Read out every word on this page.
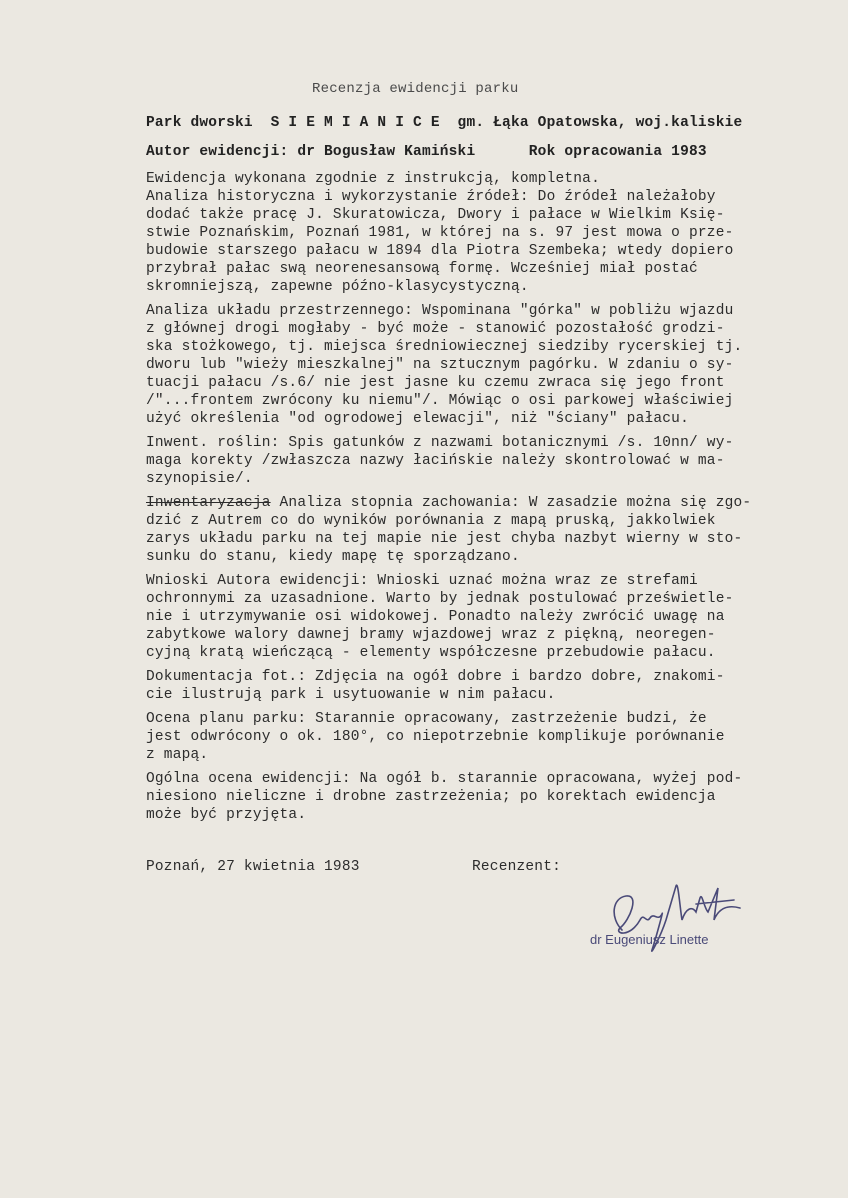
Recenzja ewidencji parku
Park dworski  S I E M I A N I C E  gm. Łąka Opatowska, woj.kaliskie
Autor ewidencji: dr Bogusław Kamiński      Rok opracowania 1983
Ewidencja wykonana zgodnie z instrukcją, kompletna.
Analiza historyczna i wykorzystanie źródeł: Do źródeł należałoby
dodać także pracę J. Skuratowicza, Dwory i pałace w Wielkim Księ-
stwie Poznańskim, Poznań 1981, w której na s. 97 jest mowa o prze-
budowie starszego pałacu w 1894 dla Piotra Szembeka; wtedy dopiero
przybrał pałac swą neorenesansową formę. Wcześniej miał postać
skromniejszą, zapewne późno-klasycystyczną.
Analiza układu przestrzennego: Wspominana "górka" w pobliżu wjazdu
z głównej drogi mogłaby - być może - stanowić pozostałość grodzi-
ska stożkowego, tj. miejsca średniowiecznej siedziby rycerskiej tj.
dworu lub "wieży mieszkalnej" na sztucznym pagórku. W zdaniu o sy-
tuacji pałacu /s.6/ nie jest jasne ku czemu zwraca się jego front
/"...frontem zwrócony ku niemu"/. Mówiąc o osi parkowej właściwiej
użyć określenia "od ogrodowej elewacji", niż "ściany" pałacu.
Inwent. roślin: Spis gatunków z nazwami botanicznymi /s. 10nn/ wy-
maga korekty /zwłaszcza nazwy łacińskie należy skontrolować w ma-
szynopisie/.
Inwentaryzacja Analiza stopnia zachowania: W zasadzie można się zgo-
dzić z Autrem co do wyników porównania z mapą pruską, jakkolwiek
zarys układu parku na tej mapie nie jest chyba nazbyt wierny w sto-
sunku do stanu, kiedy mapę tę sporządzano.
Wnioski Autora ewidencji: Wnioski uznać można wraz ze strefami
ochronnymi za uzasadnione. Warto by jednak postulować prześwietle-
nie i utrzymywanie osi widokowej. Ponadto należy zwrócić uwagę na
zabytkowe walory dawnej bramy wjazdowej wraz z piękną, neoregen-
cyjną kratą wieńczącą - elementy współczesne przebudowie pałacu.
Dokumentacja fot.: Zdjęcia na ogół dobre i bardzo dobre, znakomi-
cie ilustrują park i usytuowanie w nim pałacu.
Ocena planu parku: Starannie opracowany, zastrzeżenie budzi, że
jest odwrócony o ok. 180°, co niepotrzebnie komplikuje porównanie
z mapą.
Ogólna ocena ewidencji: Na ogół b. starannie opracowana, wyżej pod-
niesiono nieliczne i drobne zastrzeżenia; po korektach ewidencja
może być przyjęta.
Poznań, 27 kwietnia 1983	Recenzent:
dr Eugeniusz Linette
